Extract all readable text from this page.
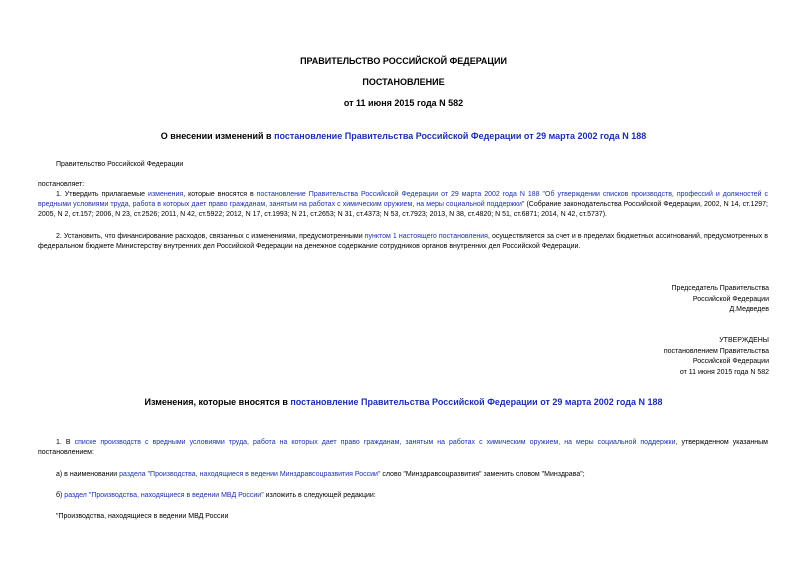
ПРАВИТЕЛЬСТВО РОССИЙСКОЙ ФЕДЕРАЦИИ
ПОСТАНОВЛЕНИЕ
от 11 июня 2015 года N 582
О внесении изменений в постановление Правительства Российской Федерации от 29 марта 2002 года N 188
Правительство Российской Федерации
постановляет:
1. Утвердить прилагаемые изменения, которые вносятся в постановление Правительства Российской Федерации от 29 марта 2002 года N 188 "Об утверждении списков производств, профессий и должностей с вредными условиями труда, работа в которых дает право гражданам, занятым на работах с химическим оружием, на меры социальной поддержки" (Собрание законодательства Российской Федерации, 2002, N 14, ст.1297; 2005, N 2, ст.157; 2006, N 23, ст.2526; 2011, N 42, ст.5922; 2012, N 17, ст.1993; N 21, ст.2653; N 31, ст.4373; N 53, ст.7923; 2013, N 38, ст.4820; N 51, ст.6871; 2014, N 42, ст.5737).
2. Установить, что финансирование расходов, связанных с изменениями, предусмотренными пунктом 1 настоящего постановления, осуществляется за счет и в пределах бюджетных ассигнований, предусмотренных в федеральном бюджете Министерству внутренних дел Российской Федерации на денежное содержание сотрудников органов внутренних дел Российской Федерации.
Председатель Правительства
Российской Федерации
Д.Медведев
УТВЕРЖДЕНЫ
постановлением Правительства
Российской Федерации
от 11 июня 2015 года N 582
Изменения, которые вносятся в постановление Правительства Российской Федерации от 29 марта 2002 года N 188
1. В списке производств с вредными условиями труда, работа на которых дает право гражданам, занятым на работах с химическим оружием, на меры социальной поддержки, утвержденном указанным постановлением:
а) в наименовании раздела "Производства, находящиеся в ведении Минздравсоцразвития России" слово "Минздравсоцразвития" заменить словом "Минздрава";
б) раздел "Производства, находящиеся в ведении МВД России" изложить в следующей редакции:
"Производства, находящиеся в ведении МВД России
